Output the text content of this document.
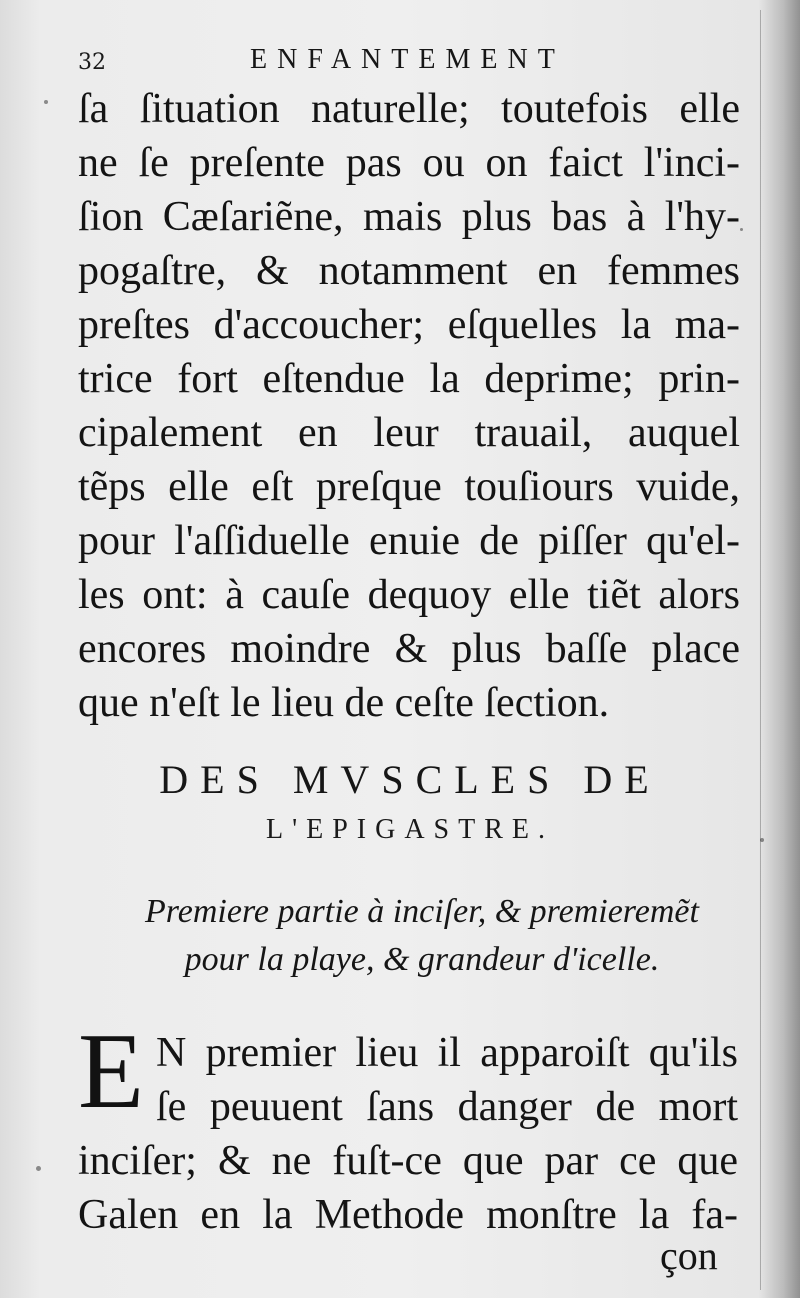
32	ENFANTEMENT
ſa ſituation naturelle; toutefois elle
ne ſe preſente pas ou on faict l'inci-
ſion Cæſariẽne, mais plus bas à l'hy-
pogaſtre, & notamment en femmes
preſtes d'accoucher; eſquelles la ma-
trice fort eſtendue la deprime; prin-
cipalement en leur trauail, auquel
tẽps elle eſt preſque touſiours vuide,
pour l'aſſiduelle enuie de piſſer qu'el-
les ont: à cauſe dequoy elle tiẽt alors
encores moindre & plus baſſe place
que n'eſt le lieu de ceſte ſection.
DES MVSCLES DE
L'EPIGASTRE.
Premiere partie à inciſer, & premieremẽt
pour la playe, & grandeur d'icelle.
E N premier lieu il apparoiſt qu'ils
ſe peuuent ſans danger de mort
inciſer; & ne fuſt-ce que par ce que
Galen en la Methode monſtre la fa-
çon
